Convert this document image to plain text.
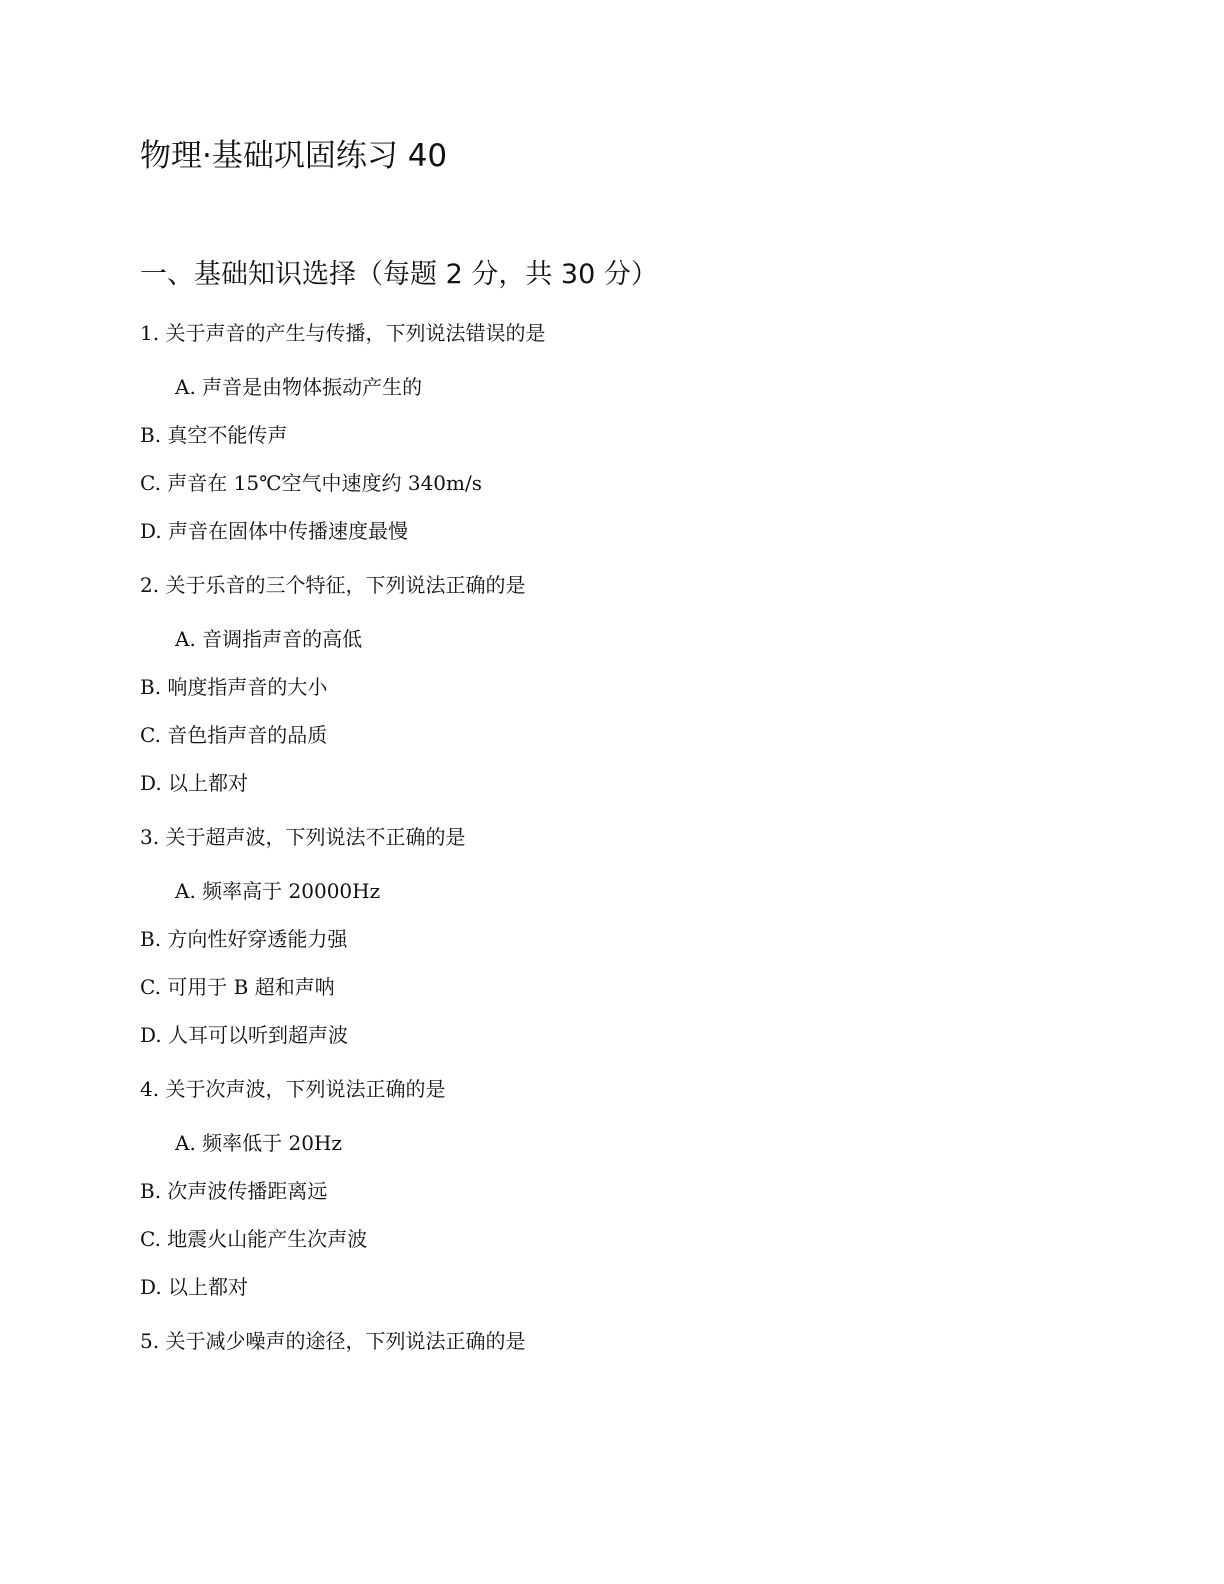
物理·基础巩固练习 40
一、基础知识选择（每题 2 分，共 30 分）

1. 关于声音的产生与传播，下列说法错误的是

A. 声音是由物体振动产生的

B. 真空不能传声

C. 声音在 15℃空气中速度约 340m/s

D. 声音在固体中传播速度最慢

2. 关于乐音的三个特征，下列说法正确的是

A. 音调指声音的高低

B. 响度指声音的大小

C. 音色指声音的品质

D. 以上都对

3. 关于超声波，下列说法不正确的是

A. 频率高于 20000Hz

B. 方向性好穿透能力强

C. 可用于 B 超和声呐

D. 人耳可以听到超声波

4. 关于次声波，下列说法正确的是

A. 频率低于 20Hz

B. 次声波传播距离远

C. 地震火山能产生次声波

D. 以上都对

5. 关于减少噪声的途径，下列说法正确的是
